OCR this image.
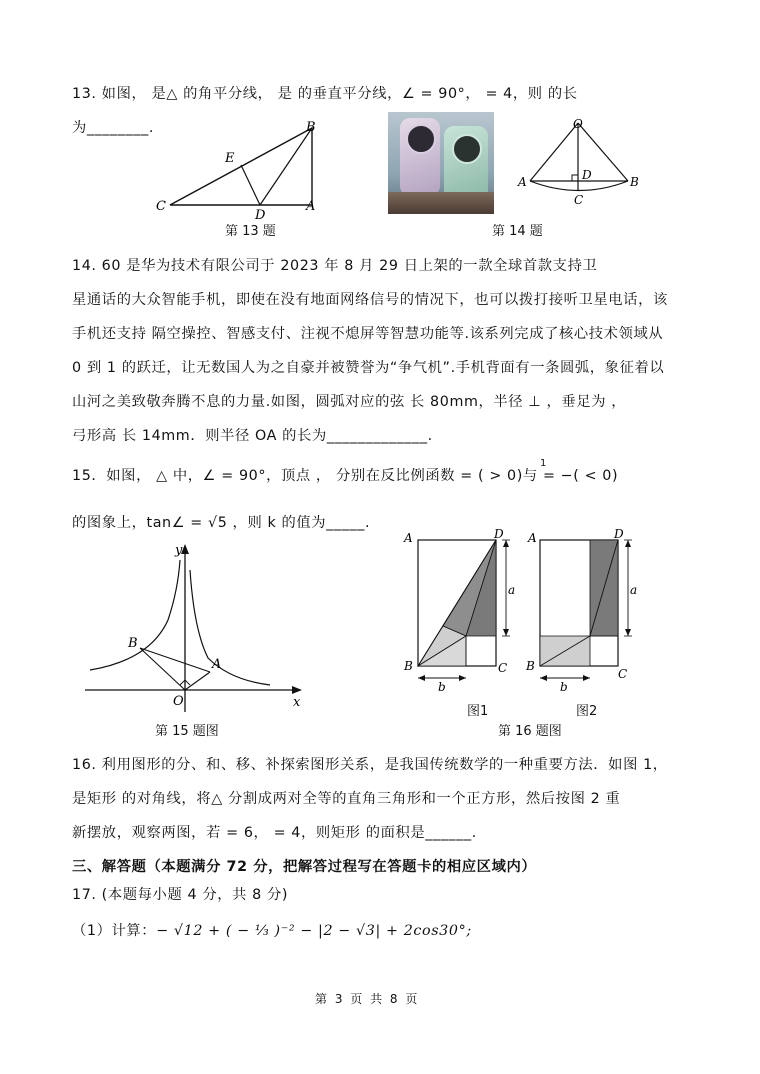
13. 如图， 是△ 的角平分线， 是 的垂直平分线，∠ = 90°， = 4，则 的长
为________.	B
E
C
D
A
第 13 题
O
D
A	B
C
第 14 题
14. 60 是华为技术有限公司于 2023 年 8 月 29 日上架的一款全球首款支持卫
星通话的大众智能手机，即使在没有地面网络信号的情况下，也可以拨打接听卫星电话，该
手机还支持 隔空操控、智感支付、注视不熄屏等智慧功能等.该系列完成了核心技术领域从
0 到 1 的跃迁，让无数国人为之自豪并被赞誉为“争气机”.手机背面有一条圆弧，象征着以
山河之美致敬奔腾不息的力量.如图，圆弧对应的弦 长 80mm，半径 ⊥ ，垂足为 ，
弓形高 长 14mm．则半径 OA 的长为_____________.
15．如图， △ 中，∠ = 90°，顶点 ， 分别在反比例函数 = ( > 0)与 = −( < 0)
1
的图象上，tan∠ = √5 ，则 k 的值为_____.
y
x
B
A
O
第 15 题图
A	D
B	C
a
b
图1
A	D
B
C
a
b
第 16 题图
图2
16. 利用图形的分、和、移、补探索图形关系，是我国传统数学的一种重要方法．如图 1，
是矩形 的对角线，将△ 分割成两对全等的直角三角形和一个正方形，然后按图 2 重
新摆放，观察两图，若 = 6， = 4，则矩形 的面积是______.
三、解答题（本题满分 72 分，把解答过程写在答题卡的相应区域内）
17. (本题每小题 4 分，共 8 分)
（1）计算：− √12 + ( − ⅓ )⁻² − |2 − √3| + 2cos30°;
第 3 页 共 8 页
